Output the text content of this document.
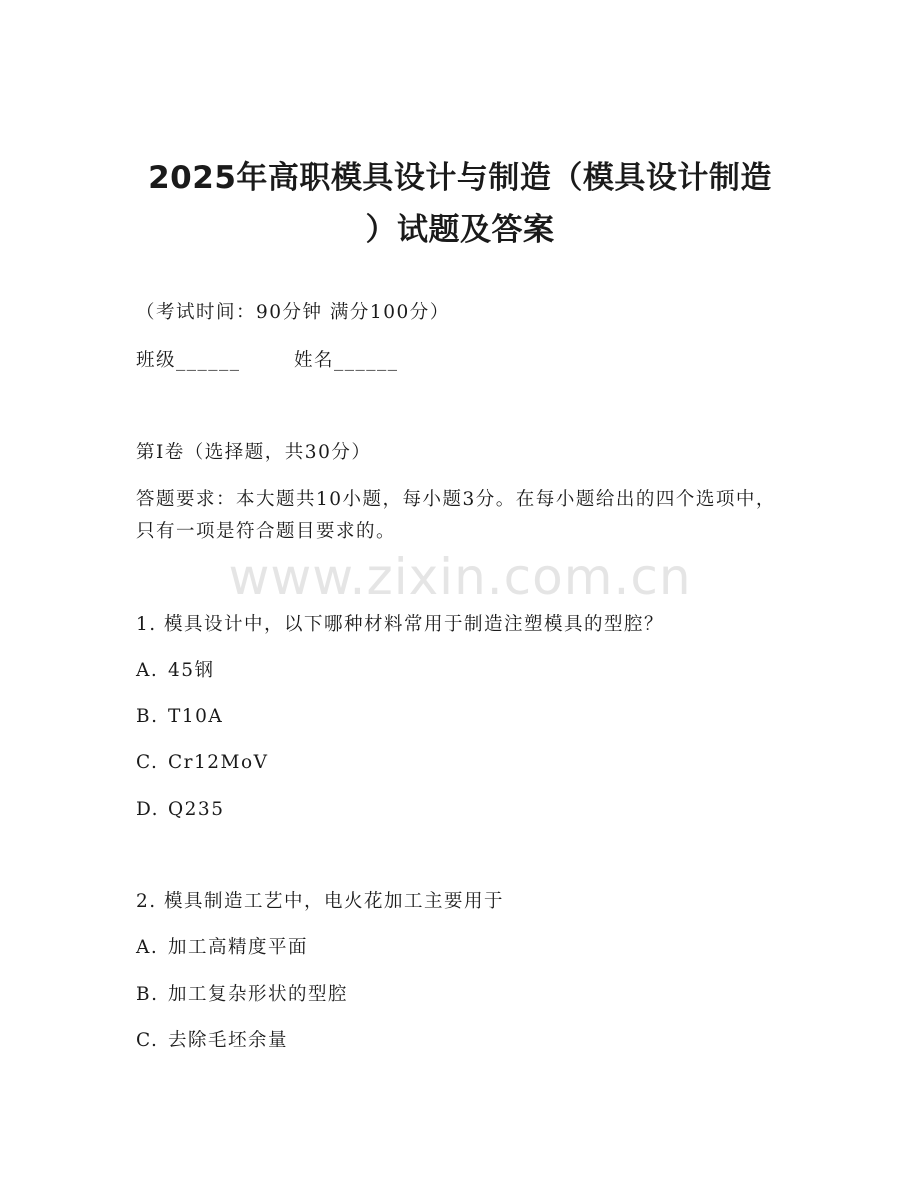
2025年高职模具设计与制造（模具设计制造
）试题及答案
（考试时间：90分钟 满分100分）
班级______	姓名______
第I卷（选择题，共30分）
答题要求：本大题共10小题，每小题3分。在每小题给出的四个选项中，只有一项是符合题目要求的。
www.zixin.com.cn
1. 模具设计中，以下哪种材料常用于制造注塑模具的型腔？
A. 45钢
B. T10A
C. Cr12MoV
D. Q235
2. 模具制造工艺中，电火花加工主要用于
A. 加工高精度平面
B. 加工复杂形状的型腔
C. 去除毛坯余量
